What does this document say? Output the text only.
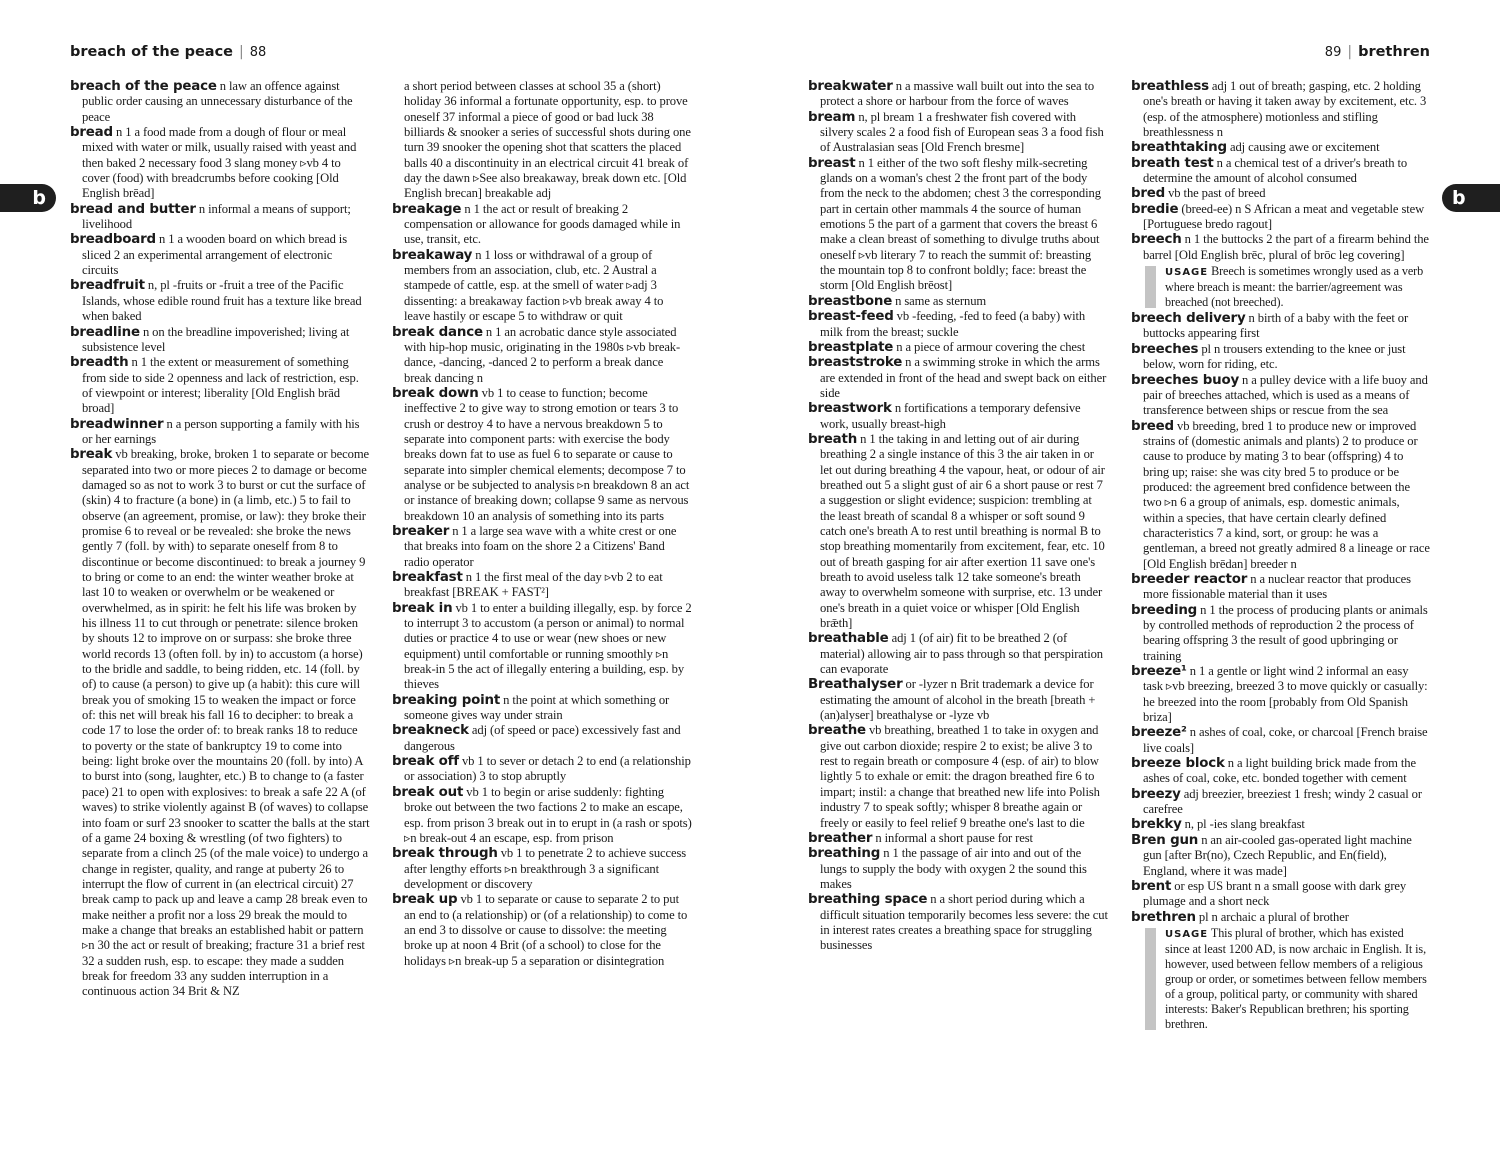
breach of the peace | 88
b

breach of the peace n law an offence against public order causing an unnecessary disturbance of the peace

bread n 1 a food made from a dough of flour or meal mixed with water or milk, usually raised with yeast and then baked 2 necessary food 3 slang money ▹vb 4 to cover (food) with breadcrumbs before cooking [Old English brēad]

bread and butter n informal a means of support; livelihood

breadboard n 1 a wooden board on which bread is sliced 2 an experimental arrangement of electronic circuits

breadfruit n, pl -fruits or -fruit a tree of the Pacific Islands, whose edible round fruit has a texture like bread when baked

breadline n on the breadline impoverished; living at subsistence level

breadth n 1 the extent or measurement of something from side to side 2 openness and lack of restriction, esp. of viewpoint or interest; liberality [Old English brād broad]

breadwinner n a person supporting a family with his or her earnings

break vb breaking, broke, broken 1 to separate or become separated into two or more pieces 2 to damage or become damaged so as not to work 3 to burst or cut the surface of (skin) 4 to fracture (a bone) in (a limb, etc.) 5 to fail to observe (an agreement, promise, or law): they broke their promise 6 to reveal or be revealed: she broke the news gently 7 (foll. by with) to separate oneself from 8 to discontinue or become discontinued: to break a journey 9 to bring or come to an end: the winter weather broke at last 10 to weaken or overwhelm or be weakened or overwhelmed, as in spirit: he felt his life was broken by his illness 11 to cut through or penetrate: silence broken by shouts 12 to improve on or surpass: she broke three world records 13 (often foll. by in) to accustom (a horse) to the bridle and saddle, to being ridden, etc. 14 (foll. by of) to cause (a person) to give up (a habit): this cure will break you of smoking 15 to weaken the impact or force of: this net will break his fall 16 to decipher: to break a code 17 to lose the order of: to break ranks 18 to reduce to poverty or the state of bankruptcy 19 to come into being: light broke over the mountains 20 (foll. by into) A to burst into (song, laughter, etc.) B to change to (a faster pace) 21 to open with explosives: to break a safe 22 A (of waves) to strike violently against B (of waves) to collapse into foam or surf 23 snooker to scatter the balls at the start of a game 24 boxing & wrestling (of two fighters) to separate from a clinch 25 (of the male voice) to undergo a change in register, quality, and range at puberty 26 to interrupt the flow of current in (an electrical circuit) 27 break camp to pack up and leave a camp 28 break even to make neither a profit nor a loss 29 break the mould to make a change that breaks an established habit or pattern ▹n 30 the act or result of breaking; fracture 31 a brief rest 32 a sudden rush, esp. to escape: they made a sudden break for freedom 33 any sudden interruption in a continuous action 34 Brit & NZ

a short period between classes at school 35 a (short) holiday 36 informal a fortunate opportunity, esp. to prove oneself 37 informal a piece of good or bad luck 38 billiards & snooker a series of successful shots during one turn 39 snooker the opening shot that scatters the placed balls 40 a discontinuity in an electrical circuit 41 break of day the dawn ▹See also breakaway, break down etc. [Old English brecan] breakable adj

breakage n 1 the act or result of breaking 2 compensation or allowance for goods damaged while in use, transit, etc.

breakaway n 1 loss or withdrawal of a group of members from an association, club, etc. 2 Austral a stampede of cattle, esp. at the smell of water ▹adj 3 dissenting: a breakaway faction ▹vb break away 4 to leave hastily or escape 5 to withdraw or quit

break dance n 1 an acrobatic dance style associated with hip-hop music, originating in the 1980s ▹vb break-dance, -dancing, -danced 2 to perform a break dance break dancing n

break down vb 1 to cease to function; become ineffective 2 to give way to strong emotion or tears 3 to crush or destroy 4 to have a nervous breakdown 5 to separate into component parts: with exercise the body breaks down fat to use as fuel 6 to separate or cause to separate into simpler chemical elements; decompose 7 to analyse or be subjected to analysis ▹n breakdown 8 an act or instance of breaking down; collapse 9 same as nervous breakdown 10 an analysis of something into its parts

breaker n 1 a large sea wave with a white crest or one that breaks into foam on the shore 2 a Citizens' Band radio operator

breakfast n 1 the first meal of the day ▹vb 2 to eat breakfast [BREAK + FAST²]

break in vb 1 to enter a building illegally, esp. by force 2 to interrupt 3 to accustom (a person or animal) to normal duties or practice 4 to use or wear (new shoes or new equipment) until comfortable or running smoothly ▹n break-in 5 the act of illegally entering a building, esp. by thieves

breaking point n the point at which something or someone gives way under strain

breakneck adj (of speed or pace) excessively fast and dangerous

break off vb 1 to sever or detach 2 to end (a relationship or association) 3 to stop abruptly

break out vb 1 to begin or arise suddenly: fighting broke out between the two factions 2 to make an escape, esp. from prison 3 break out in to erupt in (a rash or spots) ▹n break-out 4 an escape, esp. from prison

break through vb 1 to penetrate 2 to achieve success after lengthy efforts ▹n breakthrough 3 a significant development or discovery

break up vb 1 to separate or cause to separate 2 to put an end to (a relationship) or (of a relationship) to come to an end 3 to dissolve or cause to dissolve: the meeting broke up at noon 4 Brit (of a school) to close for the holidays ▹n break-up 5 a separation or disintegration

89 | brethren

breakwater n a massive wall built out into the sea to protect a shore or harbour from the force of waves

bream n, pl bream 1 a freshwater fish covered with silvery scales 2 a food fish of European seas 3 a food fish of Australasian seas [Old French bresme]

breast n 1 either of the two soft fleshy milk-secreting glands on a woman's chest 2 the front part of the body from the neck to the abdomen; chest 3 the corresponding part in certain other mammals 4 the source of human emotions 5 the part of a garment that covers the breast 6 make a clean breast of something to divulge truths about oneself ▹vb literary 7 to reach the summit of: breasting the mountain top 8 to confront boldly; face: breast the storm [Old English brēost]

breastbone n same as sternum

breast-feed vb -feeding, -fed to feed (a baby) with milk from the breast; suckle

breastplate n a piece of armour covering the chest

breaststroke n a swimming stroke in which the arms are extended in front of the head and swept back on either side

breastwork n fortifications a temporary defensive work, usually breast-high

breath n 1 the taking in and letting out of air during breathing 2 a single instance of this 3 the air taken in or let out during breathing 4 the vapour, heat, or odour of air breathed out 5 a slight gust of air 6 a short pause or rest 7 a suggestion or slight evidence; suspicion: trembling at the least breath of scandal 8 a whisper or soft sound 9 catch one's breath A to rest until breathing is normal B to stop breathing momentarily from excitement, fear, etc. 10 out of breath gasping for air after exertion 11 save one's breath to avoid useless talk 12 take someone's breath away to overwhelm someone with surprise, etc. 13 under one's breath in a quiet voice or whisper [Old English brǣth]

breathable adj 1 (of air) fit to be breathed 2 (of material) allowing air to pass through so that perspiration can evaporate

Breathalyser or -lyzer n Brit trademark a device for estimating the amount of alcohol in the breath [breath + (an)alyser] breathalyse or -lyze vb

breathe vb breathing, breathed 1 to take in oxygen and give out carbon dioxide; respire 2 to exist; be alive 3 to rest to regain breath or composure 4 (esp. of air) to blow lightly 5 to exhale or emit: the dragon breathed fire 6 to impart; instil: a change that breathed new life into Polish industry 7 to speak softly; whisper 8 breathe again or freely or easily to feel relief 9 breathe one's last to die

breather n informal a short pause for rest

breathing n 1 the passage of air into and out of the lungs to supply the body with oxygen 2 the sound this makes

breathing space n a short period during which a difficult situation temporarily becomes less severe: the cut in interest rates creates a breathing space for struggling businesses

breathless adj 1 out of breath; gasping, etc. 2 holding one's breath or having it taken away by excitement, etc. 3 (esp. of the atmosphere) motionless and stifling breathlessness n

breathtaking adj causing awe or excitement

breath test n a chemical test of a driver's breath to determine the amount of alcohol consumed

bred vb the past of breed

bredie (breed-ee) n S African a meat and vegetable stew [Portuguese bredo ragout]

breech n 1 the buttocks 2 the part of a firearm behind the barrel [Old English brēc, plural of brōc leg covering]

USAGE Breech is sometimes wrongly used as a verb where breach is meant: the barrier/agreement was breached (not breeched).

breech delivery n birth of a baby with the feet or buttocks appearing first

breeches pl n trousers extending to the knee or just below, worn for riding, etc.

breeches buoy n a pulley device with a life buoy and pair of breeches attached, which is used as a means of transference between ships or rescue from the sea

breed vb breeding, bred 1 to produce new or improved strains of (domestic animals and plants) 2 to produce or cause to produce by mating 3 to bear (offspring) 4 to bring up; raise: she was city bred 5 to produce or be produced: the agreement bred confidence between the two ▹n 6 a group of animals, esp. domestic animals, within a species, that have certain clearly defined characteristics 7 a kind, sort, or group: he was a gentleman, a breed not greatly admired 8 a lineage or race [Old English brēdan] breeder n

breeder reactor n a nuclear reactor that produces more fissionable material than it uses

breeding n 1 the process of producing plants or animals by controlled methods of reproduction 2 the process of bearing offspring 3 the result of good upbringing or training

breeze¹ n 1 a gentle or light wind 2 informal an easy task ▹vb breezing, breezed 3 to move quickly or casually: he breezed into the room [probably from Old Spanish briza]

breeze² n ashes of coal, coke, or charcoal [French braise live coals]

breeze block n a light building brick made from the ashes of coal, coke, etc. bonded together with cement

breezy adj breezier, breeziest 1 fresh; windy 2 casual or carefree

brekky n, pl -ies slang breakfast

Bren gun n an air-cooled gas-operated light machine gun [after Br(no), Czech Republic, and En(field), England, where it was made]

brent or esp US brant n a small goose with dark grey plumage and a short neck

brethren pl n archaic a plural of brother

USAGE This plural of brother, which has existed since at least 1200 AD, is now archaic in English. It is, however, used between fellow members of a religious group or order, or sometimes between fellow members of a group, political party, or community with shared interests: Baker's Republican brethren; his sporting brethren.
b
